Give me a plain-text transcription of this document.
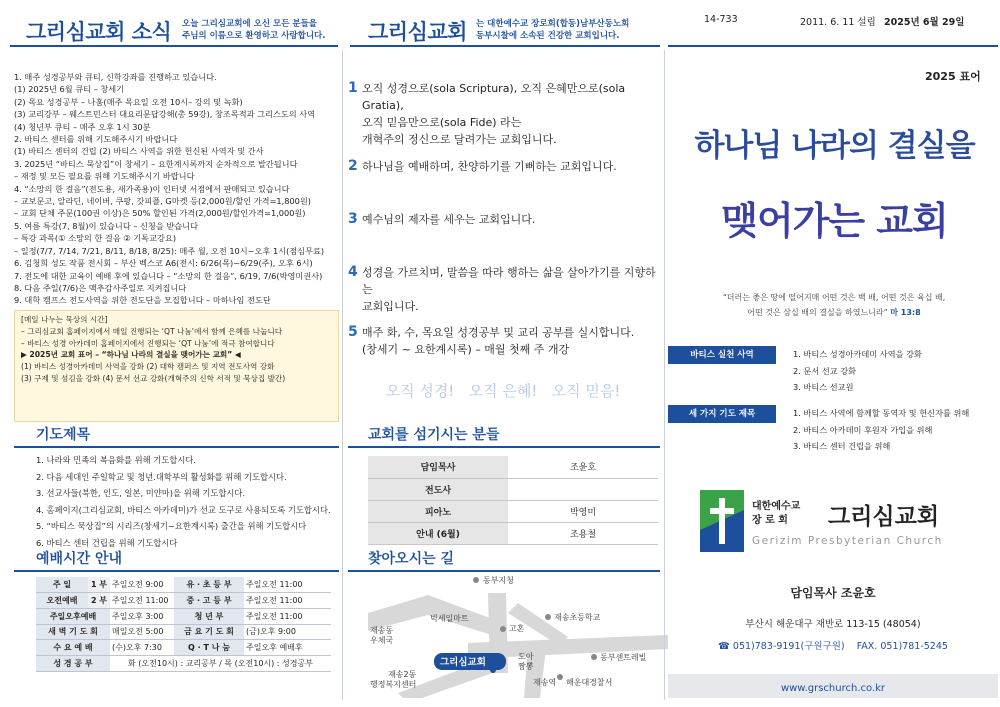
그리심교회 소식 오늘 그리심교회에 오신 모든 분들을
주님의 이름으로 환영하고 사랑합니다.
1. 매주 성경공부와 큐티, 신학강좌를 진행하고 있습니다.
(1) 2025년 6월 큐티 – 창세기
(2) 목요 성경공부 – 나훔(매주 목요일 오전 10시– 강의 및 녹화)
(3) 교리강부 – 웨스트민스터 대요리문답강해(총 59강), 창조목적과 그리스도의 사역
(4) 청년부 큐티 – 매주 오후 1시 30분
2. 바티스 센터를 위해 기도해주시기 바랍니다
(1) 바티스 센터의 건립 (2) 바티스 사역을 위한 헌신된 사역자 및 간사
3. 2025년 “바티스 묵상집”이 창세기 – 요한계시록까지 순차적으로 발간됩니다
– 재정 및 모든 필요를 위해 기도해주시기 바랍니다
4. “소망의 한 걸음”(전도용, 새가족용)이 인터넷 서점에서 판매되고 있습니다
– 교보문고, 알라딘, 네이버, 쿠팡, 갓피플, G마켓 등(2,000원/할인 가격=1,800원)
– 교회 단체 주문(100권 이상)은 50% 할인된 가격(2,000원/할인가격=1,000원)
5. 여름 특강(7, 8월)이 있습니다 – 신청을 받습니다
– 특강 과목(① 소망의 한 걸음 ② 기독교강요)
– 일정(7/7, 7/14, 7/21, 8/11, 8/18, 8/25): 매주 월, 오전 10시~오후 1시(점심무료)
6. 김청희 성도 작품 전시회 – 부산 벡스코 A6(전시: 6/26(목)~6/29(주), 오후 6시)
7. 전도에 대한 교육이 예배 후에 있습니다 – “소망의 한 걸음”, 6/19, 7/6(박영미권사)
8. 다음 주일(7/6)은 맥추감사주일로 지켜집니다
9. 대학 캠프스 전도사역을 위한 전도단을 모집합니다 – 마하나임 전도단
[매일 나누는 묵상의 시간]
– 그리심교회 홈페이지에서 매일 진행되는 ‘QT 나눔’에서 함께 은혜를 나눕니다
– 바티스 성경 아카데미 홈페이지에서 진행되는 ‘QT 나눔’에 적극 참여합니다
▶ 2025년 교회 표어 – “하나님 나라의 결실을 맺어가는 교회” ◀
(1) 바티스 성경아카데미 사역을 강화 (2) 대학 캠퍼스 및 지역 전도사역 강화
(3) 구제 및 섬김을 강화 (4) 문서 선교 강화(개혁주의 신학 서적 및 묵상집 발간)
기도제목
1. 나라와 민족의 복음화를 위해 기도합시다.
2. 다음 세대인 주일학교 및 청년.대학부의 활성화를 위해 기도합시다.
3. 선교사들(북한, 인도, 일본, 미얀마)을 위해 기도합시다.
4. 홈페이지(그리심교회, 바티스 아카데미)가 선교 도구로 사용되도록 기도합시다.
5. “바티스 묵상집”의 시리즈(창세기~요한계시록) 출간을 위해 기도합시다
6. 바티스 센터 건립을 위해 기도합시다
예배시간 안내
주 일	1 부	주일오전 9:00	유 · 초 등 부	주일오전 11:00
오전예배	2 부	주일오전 11:00	중 · 고 등 부	주일오전 11:00
주일오후예배		주일오후 3:00	청 년 부	주일오전 11:00
새 벽 기 도 회		매일오전 5:00	금 요 기 도 회	(금)오후 9:00
수 요 예 배		(수)오후 7:30	Q · T 나 눔	주일오후 예배후
성 경 공 부		화 (오전10시) : 교리공부 / 목 (오전10시) : 성경공부		
그리심교회 는 대한예수교 장로회(합동)남부산동노회
동부시찰에 소속된 건강한 교회입니다.
1 오직 성경으로(sola Scriptura), 오직 은혜만으로(sola Gratia),
오직 믿음만으로(sola Fide) 라는
개혁주의 정신으로 달려가는 교회입니다.
2 하나님을 예배하며, 찬양하기를 기뻐하는 교회입니다.
3 예수님의 제자를 세우는 교회입니다.
4 성경을 가르치며, 말씀을 따라 행하는 삶을 살아가기를 지향하는
교회입니다.
5 매주 화, 수, 목요일 성경공부 및 교리 공부를 실시합니다.
(창세기 ~ 요한계시록) – 매월 첫째 주 개강
오직 성경!   오직 은혜!   오직 믿음!
교회를 섬기시는 분들
담임목사	조윤호
전도사	
피아노	박영미
안내 (6월)	조용철
찾아오시는 길
동부지청
빅세일마트
재송동 우체국
고혼
재송초등학교
그리심교회
도아 짬뽕
동부센트레빌
재송2동 행정복지센터	재송역 해운대경찰서
14-733	2011. 6. 11 설립 2025년 6월 29일
2025 표어
하나님 나라의 결실을
맺어가는 교회
“더러는 좋은 땅에 떨어지매 어떤 것은 백 배, 어떤 것은 육십 배,
어떤 것은 삼십 배의 결실을 하였느니라” 마 13:8
바티스 실천 사역	1. 바티스 성경아카데미 사역을 강화
2. 문서 선교 강화
3. 바티스 선교원
세 가지 기도 제목	1. 바티스 사역에 함께할 동역자 및 헌신자를 위해
2. 바티스 아카데미 후원자 가입을 위해
3. 바티스 센터 건립을 위해
대한예수교
장 로 회	그리심교회
Gerizim Presbyterian Church
담임목사 조윤호
부산시 해운대구 재반로 113-15 (48054)
☎ 051)783-9191(구원구원) FAX. 051)781-5245
www.grschurch.co.kr
